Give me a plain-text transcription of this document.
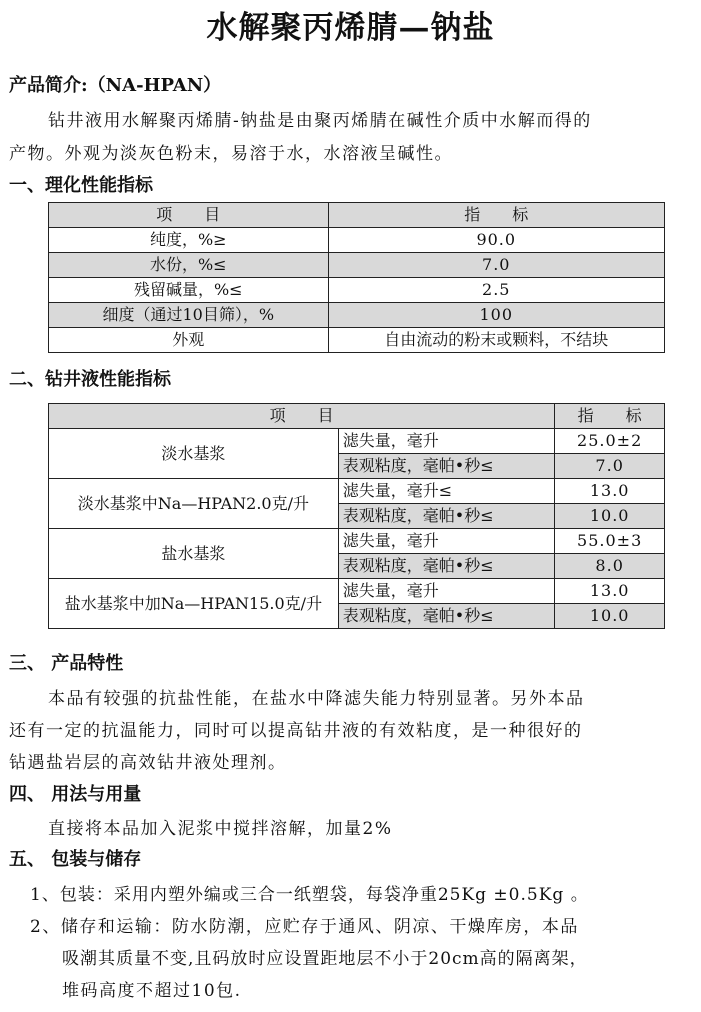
水解聚丙烯腈—钠盐
产品简介:（NA-HPAN）
钻井液用水解聚丙烯腈-钠盐是由聚丙烯腈在碱性介质中水解而得的
产物。外观为淡灰色粉末，易溶于水，水溶液呈碱性。
一、理化性能指标
项　　目	指　　标
纯度，%≥	90.0
水份，%≤	7.0
残留碱量，%≤	2.5
细度（通过10目筛），%	100
外观	自由流动的粉末或颗料，不结块
二、钻井液性能指标
项　　目		指　　标
淡水基浆	滤失量，毫升	25.0±2
	表观粘度，毫帕•秒≤	7.0
淡水基浆中Na—HPAN2.0克/升	滤失量，毫升≤	13.0
	表观粘度，毫帕•秒≤	10.0
盐水基浆	滤失量，毫升	55.0±3
	表观粘度，毫帕•秒≤	8.0
盐水基浆中加Na—HPAN15.0克/升	滤失量，毫升	13.0
	表观粘度，毫帕•秒≤	10.0
三、 产品特性
本品有较强的抗盐性能，在盐水中降滤失能力特别显著。另外本品
还有一定的抗温能力，同时可以提高钻井液的有效粘度，是一种很好的
钻遇盐岩层的高效钻井液处理剂。
四、 用法与用量
直接将本品加入泥浆中搅拌溶解，加量2%
五、 包装与储存
1、包装：采用内塑外编或三合一纸塑袋，每袋净重25Kg ±0.5Kg 。
2、储存和运输：防水防潮，应贮存于通风、阴凉、干燥库房，本品
吸潮其质量不变,且码放时应设置距地层不小于20cm高的隔离架，
堆码高度不超过10包.
